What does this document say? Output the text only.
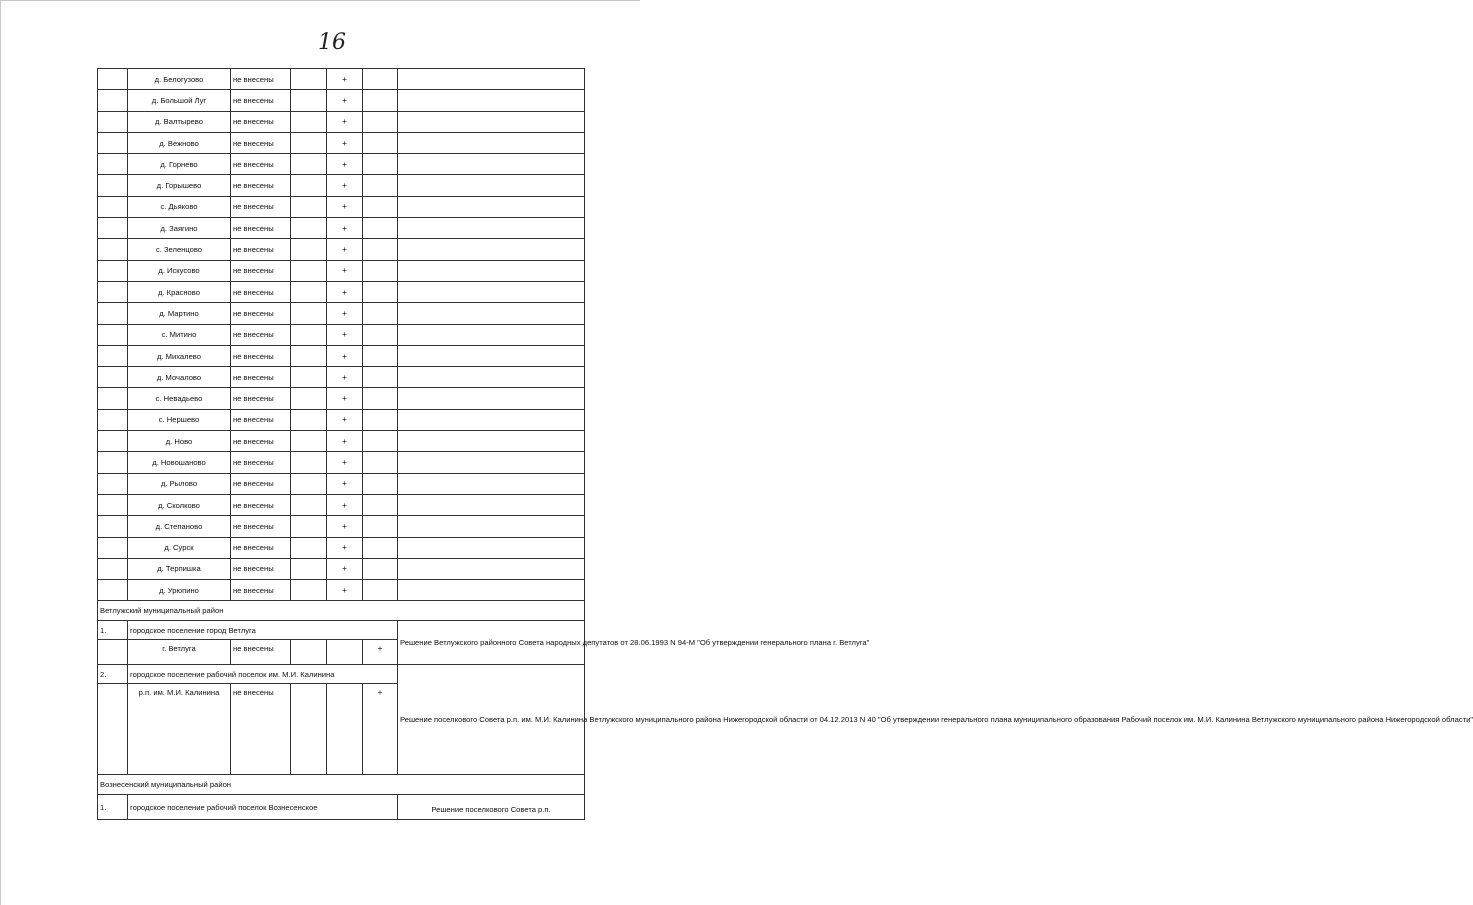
16
	д. Белогузово	не внесены		+		
	д. Большой Луг	не внесены		+		
	д. Валтырево	не внесены		+		
	д. Вежново	не внесены		+		
	д. Горнево	не внесены		+		
	д. Горышево	не внесены		+		
	с. Дьяково	не внесены		+		
	д. Заягино	не внесены		+		
	с. Зеленцово	не внесены		+		
	д. Искусово	не внесены		+		
	д. Красново	не внесены		+		
	д. Мартино	не внесены		+		
	с. Митино	не внесены		+		
	д. Михалево	не внесены		+		
	д. Мочалово	не внесены		+		
	с. Невадьево	не внесены		+		
	с. Нершево	не внесены		+		
	д. Ново	не внесены		+		
	д. Новошаново	не внесены		+		
	д. Рылово	не внесены		+		
	д. Сколково	не внесены		+		
	д. Степаново	не внесены		+		
	д. Сурск	не внесены		+		
	д. Терпишка	не внесены		+		
	д. Урюпино	не внесены		+		
Ветлужский муниципальный район						
1.	городское поселение город Ветлуга					Решение Ветлужского районного Совета народных депутатов от 28.06.1993 N 94-М "Об утверждении генерального плана г. Ветлуга"
	г. Ветлуга	не внесены			+	
2.	городское поселение рабочий поселок им. М.И. Калинина					Решение поселкового Совета р.п. им. М.И. Калинина Ветлужского муниципального района Нижегородской области от 04.12.2013 N 40 "Об утверждении генерального плана муниципального образования Рабочий поселок им. М.И. Калинина Ветлужского муниципального района Нижегородской области"
	р.п. им. М.И. Калинина	не внесены			+	
Вознесенский муниципальный район						
1.	городское поселение рабочий поселок Вознесенское					Решение поселкового Совета р.п.
